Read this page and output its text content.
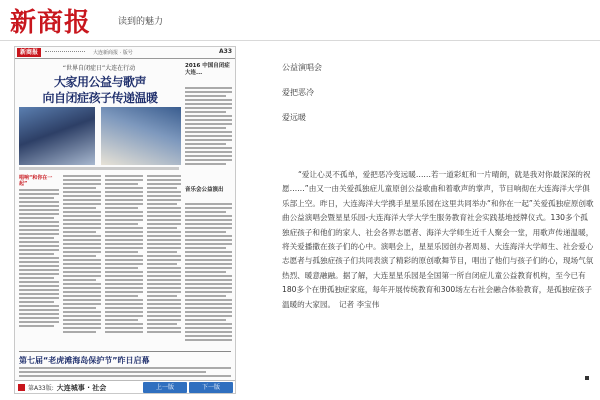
新商报	读到的魅力
新商报	大连新商报 · 版号	A33
“世界自闭症日”大连在行动
大家用公益与歌声
向自闭症孩子传递温暖
2016 中国自闭症大连...
唱响“和你在一起”
音乐会公益演出
第七届“老虎滩海岛保护节”昨日启幕
第A33版: 大连城事 · 社会	上一版	下一版
公益演唱会
爱把恶冷
爱远暖

“爱让心灵不孤单，爱把恶冷变远暖……若一道彩虹和一片晴朗，就是我对你最深深的祝愿……”由又一由关爱孤独症儿童原创公益歌曲和着歌声的掌声，节目响彻在大连海洋大学俱乐部上空。昨日，大连海洋大学携手星星乐园在这里共同举办“和你在一起”关爱孤独症原创歌曲公益演唱会暨星星乐园-大连海洋大学大学生服务教育社会实践基地授牌仪式。130多个孤独症孩子和他们的家人、社会各界志愿者、海洋大学师生近千人聚会一堂，用歌声传递温暖，将关爱播撒在孩子们的心中。演唱会上，星星乐园创办者周易、大连海洋大学师生、社会爱心志愿者与孤独症孩子们共同表演了精彩的原创歌舞节目，唱出了他们与孩子们的心，现场气氛热烈、暖意融融。据了解，大连星星乐园是全国第一所自闭症儿童公益教育机构，至今已有180多个在册孤独症家庭，每年开展传统教育和300场左右社会融合体验教育，是孤独症孩子温暖的大家园。　记者 李宝伟
